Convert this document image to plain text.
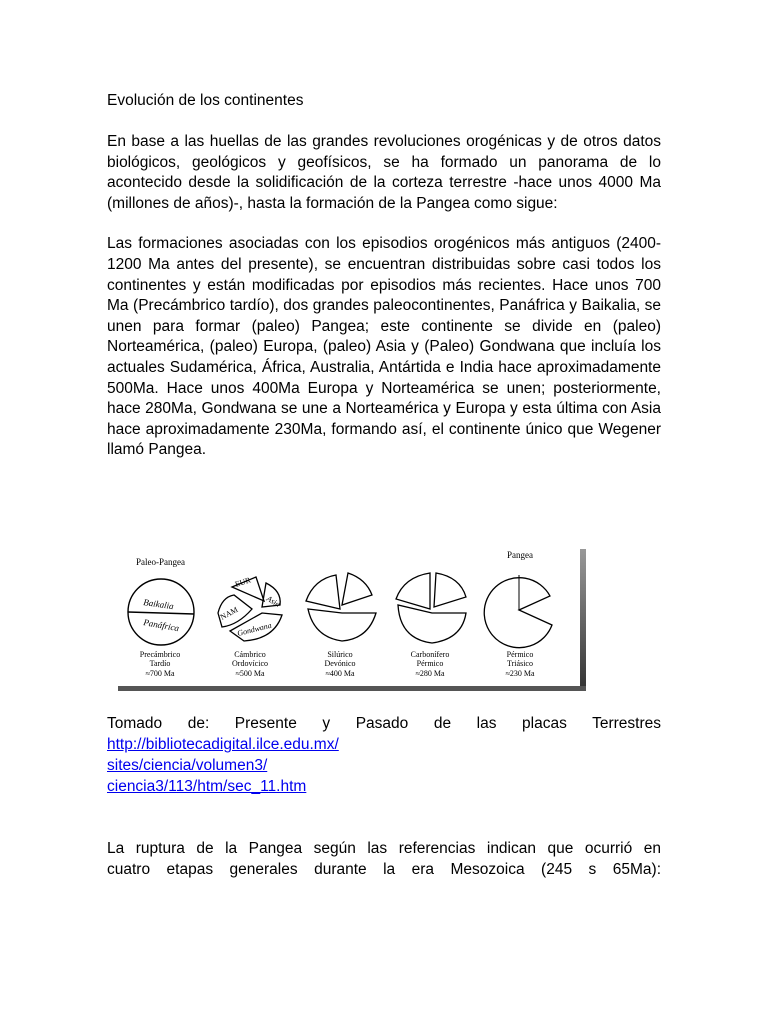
Evolución de los continentes

En base a las huellas de las grandes revoluciones orogénicas y de otros datos biológicos, geológicos y geofísicos, se ha formado un panorama de lo acontecido desde la solidificación de la corteza terrestre -hace unos 4000 Ma (millones de años)-, hasta la formación de la Pangea como sigue:

Las formaciones asociadas con los episodios orogénicos más antiguos (2400-1200 Ma antes del presente), se encuentran distribuidas sobre casi todos los continentes y están modificadas por episodios más recientes. Hace unos 700 Ma (Precámbrico tardío), dos grandes paleocontinentes, Panáfrica y Baikalia, se unen para formar (paleo) Pangea; este continente se divide en (paleo) Norteamérica, (paleo) Europa, (paleo) Asia y (Paleo) Gondwana que incluía los actuales Sudamérica, África, Australia, Antártida e India hace aproximadamente 500Ma. Hace unos 400Ma Europa y Norteamérica se unen; posteriormente, hace 280Ma, Gondwana se une a Norteamérica y Europa y esta última con Asia hace aproximadamente 230Ma, formando así, el continente único que Wegener llamó Pangea.

Paleo-Pangea
Baikalia
Panáfrica
EUR
Asia
NAM
Gondwana
Pangea
Precámbrico
Tardío
≈700 Ma
Cámbrico
Ordovícico
≈500 Ma
Silúrico
Devónico
≈400 Ma
Carbonífero
Pérmico
≈280 Ma
Pérmico
Triásico
≈230 Ma
Tomado de: Presente y Pasado de las placas Terrestres
http://bibliotecadigital.ilce.edu.mx/
sites/ciencia/volumen3/
ciencia3/113/htm/sec_11.htm
La ruptura de la Pangea según las referencias indican que ocurrió en
cuatro etapas generales durante la era Mesozoica (245 s 65Ma):
